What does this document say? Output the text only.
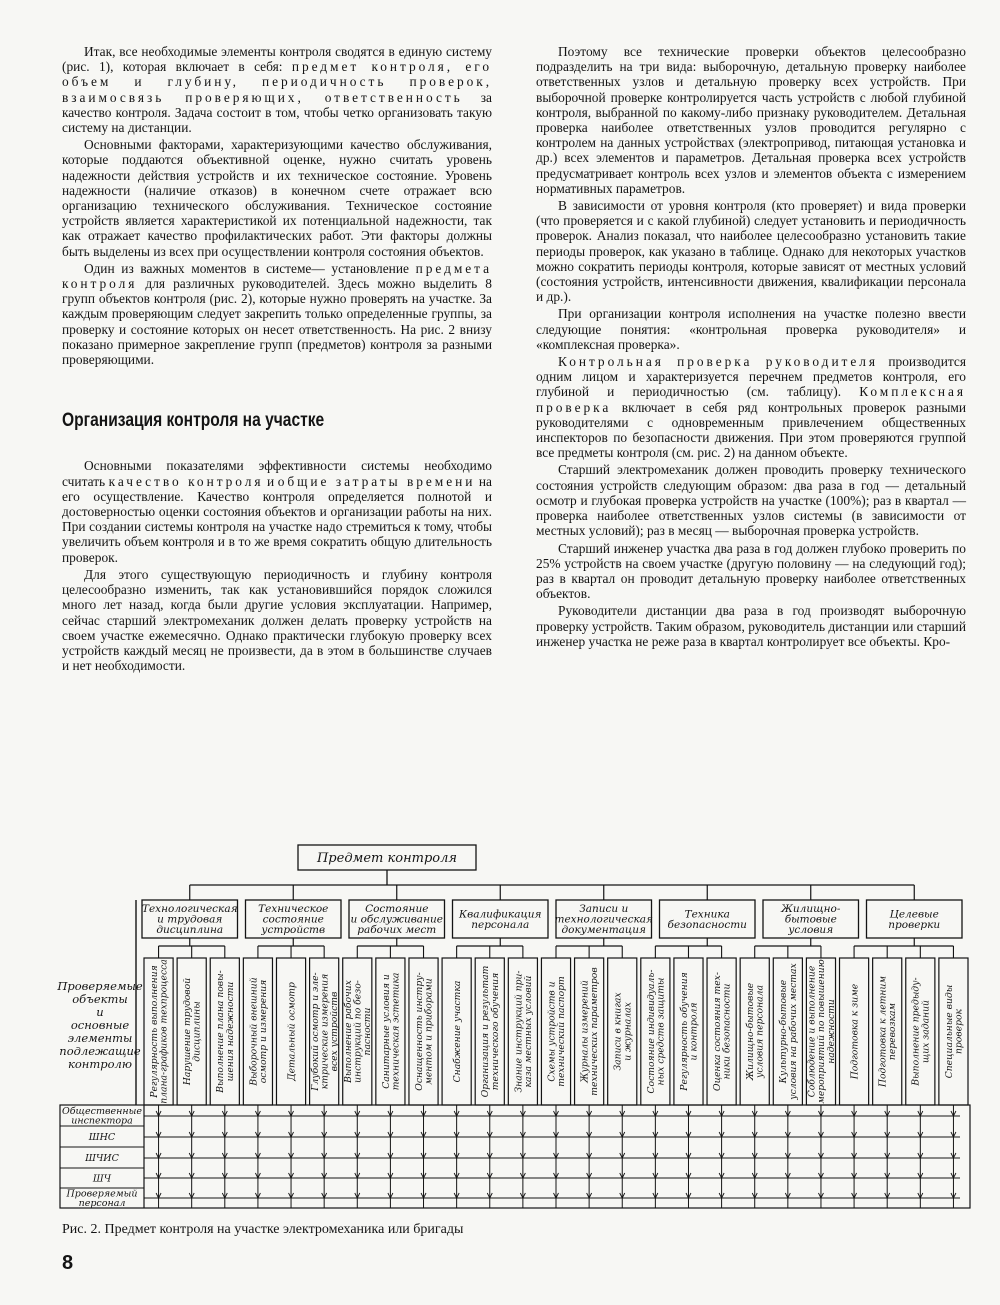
Итак, все необходимые элементы контроля сводятся в единую систему (рис. 1), которая включает в себя: предмет контроля, его объем и глубину, периодичность проверок, взаимосвязь проверяющих, ответственность за качество контроля. Задача состоит в том, чтобы четко организовать такую систему на дистанции.

Основными факторами, характеризующими качество обслуживания, которые поддаются объективной оценке, нужно считать уровень надежности действия устройств и их техническое состояние. Уровень надежности (наличие отказов) в конечном счете отражает всю организацию технического обслуживания. Техническое состояние устройств является характеристикой их потенциальной надежности, так как отражает качество профилактических работ. Эти факторы должны быть выделены из всех при осуществлении контроля состояния объектов.

Один из важных моментов в системе— установление предмета контроля для различных руководителей. Здесь можно выделить 8 групп объектов контроля (рис. 2), которые нужно проверять на участке. За каждым проверяющим следует закрепить только определенные группы, за проверку и состояние которых он несет ответственность. На рис. 2 внизу показано примерное закрепление групп (предметов) контроля за разными проверяющими.

Организация контроля на участке

Основными показателями эффективности системы необходимо считать качество контроля и общие затраты времени на его осуществление. Качество контроля определяется полнотой и достоверностью оценки состояния объектов и организации работы на них. При создании системы контроля на участке надо стремиться к тому, чтобы увеличить объем контроля и в то же время сократить общую длительность проверок.

Для этого существующую периодичность и глубину контроля целесообразно изменить, так как установившийся порядок сложился много лет назад, когда были другие условия эксплуатации. Например, сейчас старший электромеханик должен делать проверку устройств на своем участке ежемесячно. Однако практически глубокую проверку всех устройств каждый месяц не произвести, да в этом в большинстве случаев и нет необходимости.

Поэтому все технические проверки объектов целесообразно подразделить на три вида: выборочную, детальную проверку наиболее ответственных узлов и детальную проверку всех устройств. При выборочной проверке контролируется часть устройств с любой глубиной контроля, выбранной по какому-либо признаку руководителем. Детальная проверка наиболее ответственных узлов проводится регулярно с контролем на данных устройствах (электропривод, питающая установка и др.) всех элементов и параметров. Детальная проверка всех устройств предусматривает контроль всех узлов и элементов объекта с измерением нормативных параметров.

В зависимости от уровня контроля (кто проверяет) и вида проверки (что проверяется и с какой глубиной) следует установить и периодичность проверок. Анализ показал, что наиболее целесообразно установить такие периоды проверок, как указано в таблице. Однако для некоторых участков можно сократить периоды контроля, которые зависят от местных условий (состояния устройств, интенсивности движения, квалификации персонала и др.).

При организации контроля исполнения на участке полезно ввести следующие понятия: «контрольная проверка руководителя» и «комплексная проверка».

Контрольная проверка руководителя производится одним лицом и характеризуется перечнем предметов контроля, его глубиной и периодичностью (см. таблицу). Комплексная проверка включает в себя ряд контрольных проверок разными руководителями с одновременным привлечением общественных инспекторов по безопасности движения. При этом проверяются группой все предметы контроля (см. рис. 2) на данном объекте.

Старший электромеханик должен проводить проверку технического состояния устройств следующим образом: два раза в год — детальный осмотр и глубокая проверка устройств на участке (100%); раз в квартал — проверка наиболее ответственных узлов системы (в зависимости от местных условий); раз в месяц — выборочная проверка устройств.

Старший инженер участка два раза в год должен глубоко проверить по 25% устройств на своем участке (другую половину — на следующий год); раз в квартал он проводит детальную проверку наиболее ответственных объектов.

Руководители дистанции два раза в год производят выборочную проверку устройств. Таким образом, руководитель дистанции или старший инженер участка не реже раза в квартал контролирует все объекты. Кро-

Предмет контроля
Технологическая и трудовая дисциплина
Регулярность выполненияплана-графиков техпроцесса Нарушение трудовойдисциплины Выполнение плана повы-шения надежности
Техническое состояние устройств
Выборочный внешнийосмотр и измерения Детальный осмотр Глубокий осмотр и эле-ктрические измерениявсех устройств
Состояние и обслуживание рабочих мест
Выполнение рабочихинструкций по безо-пасности Санитарные условия итехническая эстетика Оснащенность инстру-ментом и приборами
Квалификация персонала
Снабжение участка Организация и результаттехнического обучения Знание инструкций при-каза местных условий
Записи и технологическая документация
Схемы устройств итехнический паспорт Журналы измеренийтехнических параметров Записи в книгахи журналах
Техника безопасности
Состояние индивидуаль-ных средств защиты Регулярность обученияи контроля Оценка состояния тех-ники безопасности
Жилищно-бытовые условия
Жилищно-бытовыеусловия персонала Культурно-бытовыеусловия на рабочих местах Соблюдение и выполнениемероприятий по повышениюнадежности
Целевые проверки
Подготовка к зиме Подготовка к летнимперевозкам Выполнение предыду-щих заданий Специальные видыпроверок
Общественные инспектора
ШНС
ШЧИС
ШЧ
Проверяемый персонал
Проверяемые объекты и основные элементы подлежащие контролю
Рис. 2. Предмет контроля на участке электромеханика или бригады
8
